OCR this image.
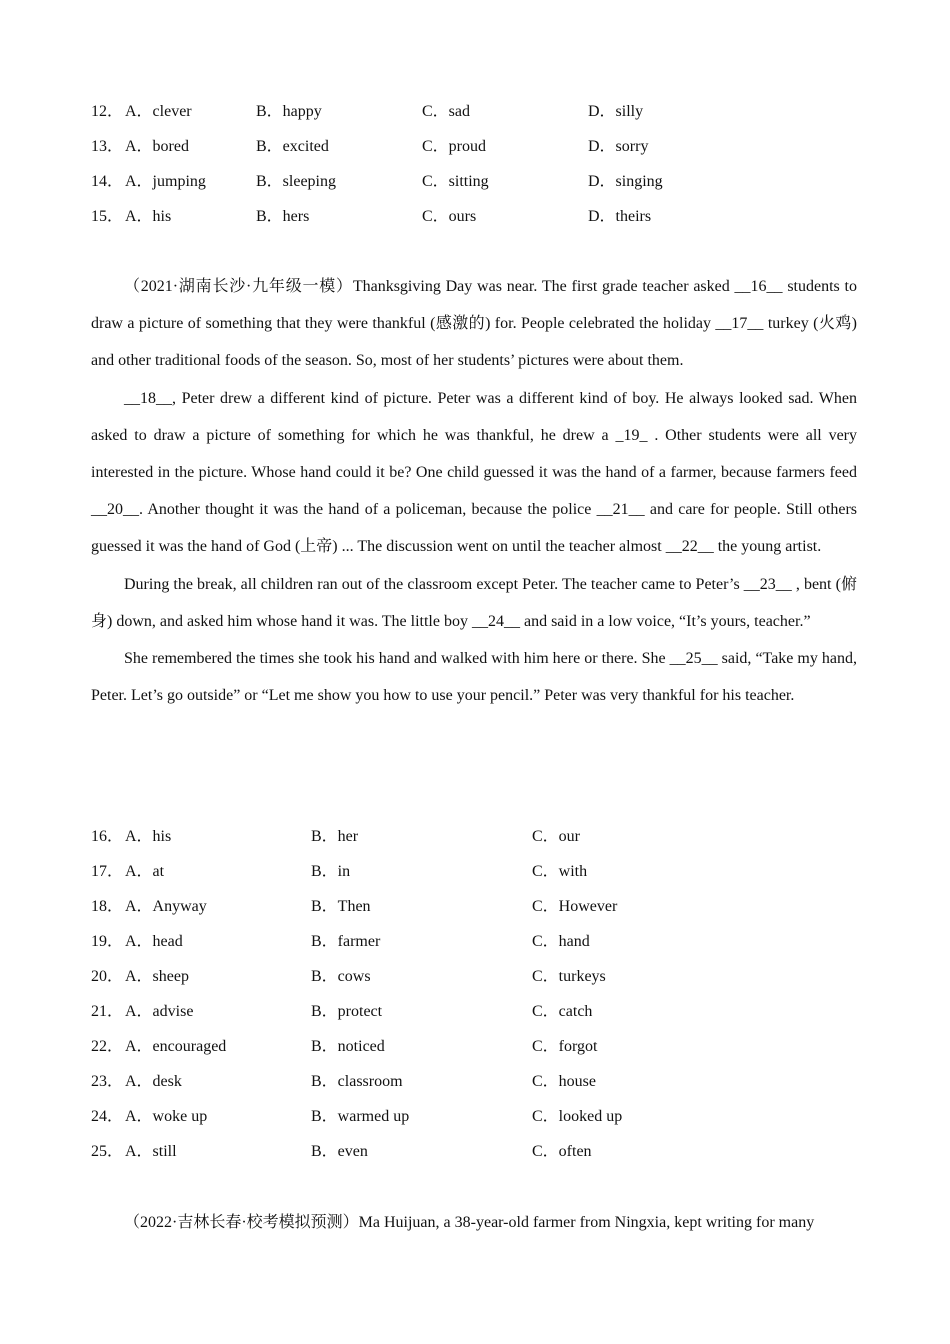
12． A．clever	B．happy	C．sad	D．silly
13． A．bored	B．excited	C．proud	D．sorry
14． A．jumping	B．sleeping	C．sitting	D．singing
15． A．his	B．hers	C．ours	D．theirs

（2021·湖南长沙·九年级一模）Thanksgiving Day was near. The first grade teacher asked __16__ students to draw a picture of something that they were thankful (感激的) for. People celebrated the holiday __17__ turkey (火鸡) and other traditional foods of the season. So, most of her students’ pictures were about them.

__18__, Peter drew a different kind of picture. Peter was a different kind of boy. He always looked sad. When asked to draw a picture of something for which he was thankful, he drew a _19_ . Other students were all very interested in the picture. Whose hand could it be? One child guessed it was the hand of a farmer, because farmers feed __20__. Another thought it was the hand of a policeman, because the police __21__ and care for people. Still others guessed it was the hand of God (上帝) ... The discussion went on until the teacher almost __22__ the young artist.

During the break, all children ran out of the classroom except Peter. The teacher came to Peter’s __23__ , bent (俯身) down, and asked him whose hand it was. The little boy __24__ and said in a low voice, “It’s yours, teacher.”

She remembered the times she took his hand and walked with him here or there. She __25__ said, “Take my hand, Peter. Let’s go outside” or “Let me show you how to use your pencil.” Peter was very thankful for his teacher.

16． A．his	B．her	C．our
17． A．at	B．in	C．with
18． A．Anyway	B．Then	C．However
19． A．head	B．farmer	C．hand
20． A．sheep	B．cows	C．turkeys
21． A．advise	B．protect	C．catch
22． A．encouraged	B．noticed	C．forgot
23． A．desk	B．classroom	C．house
24． A．woke up	B．warmed up	C．looked up
25． A．still	B．even	C．often

（2022·吉林长春·校考模拟预测）Ma Huijuan, a 38-year-old farmer from Ningxia, kept writing for many
